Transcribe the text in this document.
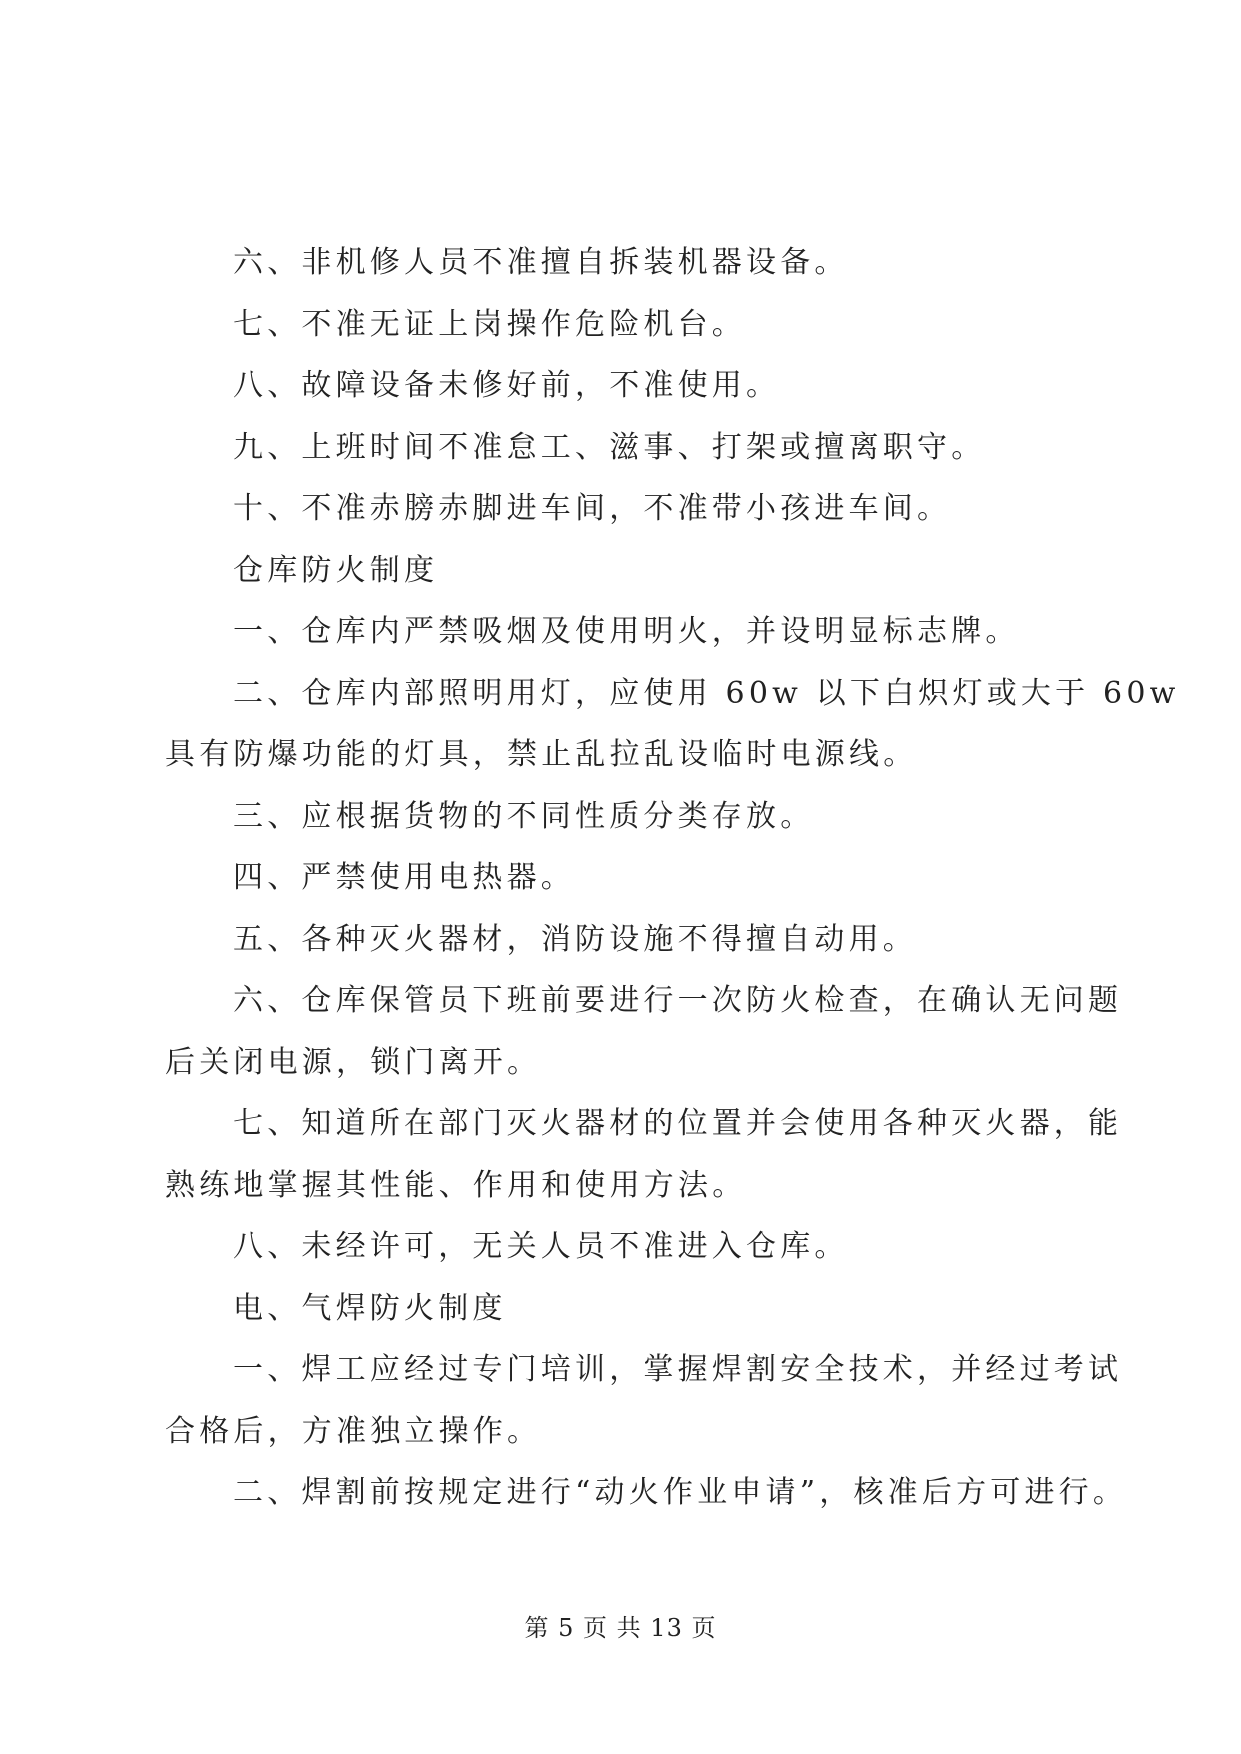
六、非机修人员不准擅自拆装机器设备。
七、不准无证上岗操作危险机台。
八、故障设备未修好前，不准使用。
九、上班时间不准怠工、滋事、打架或擅离职守。
十、不准赤膀赤脚进车间，不准带小孩进车间。
仓库防火制度
一、仓库内严禁吸烟及使用明火，并设明显标志牌。
二、仓库内部照明用灯，应使用 60w 以下白炽灯或大于 60w
具有防爆功能的灯具，禁止乱拉乱设临时电源线。
三、应根据货物的不同性质分类存放。
四、严禁使用电热器。
五、各种灭火器材，消防设施不得擅自动用。
六、仓库保管员下班前要进行一次防火检查，在确认无问题
后关闭电源，锁门离开。
七、知道所在部门灭火器材的位置并会使用各种灭火器，能
熟练地掌握其性能、作用和使用方法。
八、未经许可，无关人员不准进入仓库。
电、气焊防火制度
一、焊工应经过专门培训，掌握焊割安全技术，并经过考试
合格后，方准独立操作。
二、焊割前按规定进行“动火作业申请”，核准后方可进行。
第 5 页 共 13 页
